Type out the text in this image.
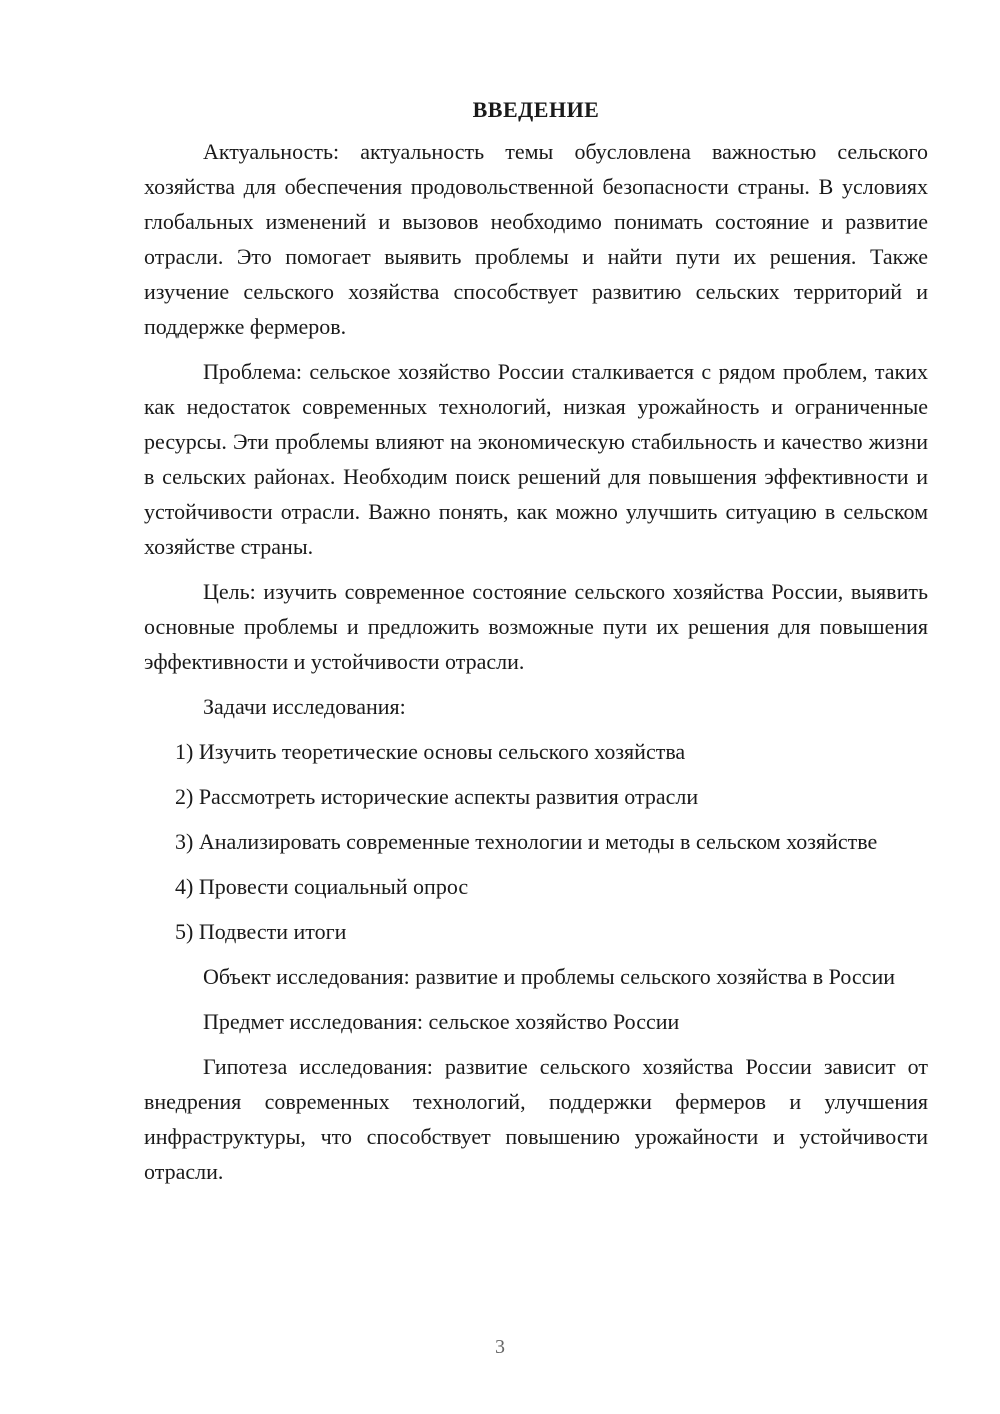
ВВЕДЕНИЕ

Актуальность: актуальность темы обусловлена важностью сельского хозяйства для обеспечения продовольственной безопасности страны. В условиях глобальных изменений и вызовов необходимо понимать состояние и развитие отрасли. Это помогает выявить проблемы и найти пути их решения. Также изучение сельского хозяйства способствует развитию сельских территорий и поддержке фермеров.

Проблема: сельское хозяйство России сталкивается с рядом проблем, таких как недостаток современных технологий, низкая урожайность и ограниченные ресурсы. Эти проблемы влияют на экономическую стабильность и качество жизни в сельских районах. Необходим поиск решений для повышения эффективности и устойчивости отрасли. Важно понять, как можно улучшить ситуацию в сельском хозяйстве страны.

Цель: изучить современное состояние сельского хозяйства России, выявить основные проблемы и предложить возможные пути их решения для повышения эффективности и устойчивости отрасли.

Задачи исследования:

1) Изучить теоретические основы сельского хозяйства

2) Рассмотреть исторические аспекты развития отрасли

3) Анализировать современные технологии и методы в сельском хозяйстве

4) Провести социальный опрос

5) Подвести итоги

Объект исследования: развитие и проблемы сельского хозяйства в России

Предмет исследования: сельское хозяйство России

Гипотеза исследования: развитие сельского хозяйства России зависит от внедрения современных технологий, поддержки фермеров и улучшения инфраструктуры, что способствует повышению урожайности и устойчивости отрасли.

3
